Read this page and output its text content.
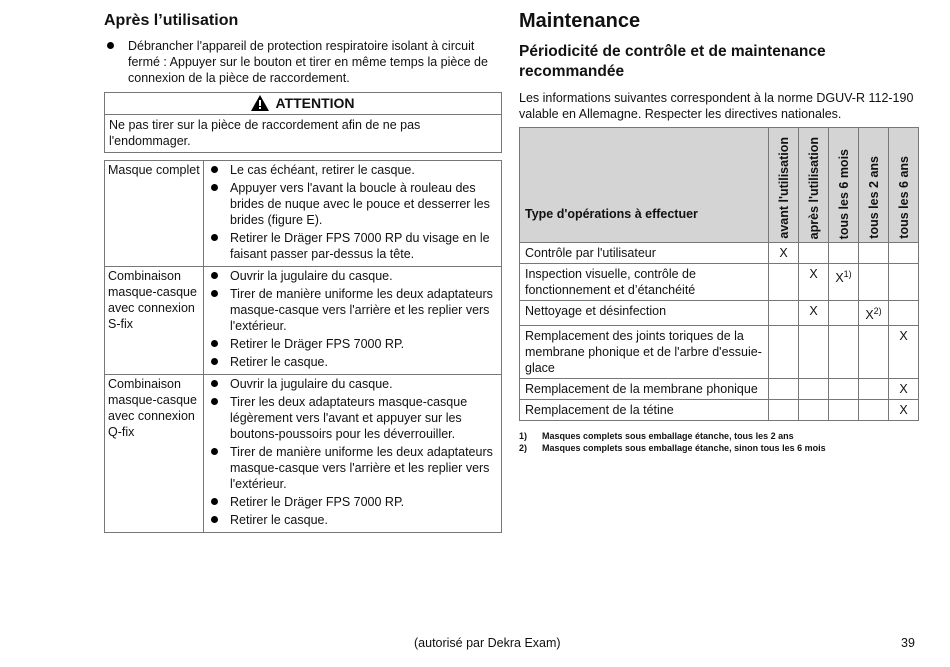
Après l’utilisation
Débrancher l'appareil de protection respiratoire isolant à circuit fermé : Appuyer sur le bouton et tirer en même temps la pièce de connexion de la pièce de raccordement.
ATTENTION
Ne pas tirer sur la pièce de raccordement afin de ne pas l'endommager.
Masque complet	Le cas échéant, retirer le casque.
Appuyer vers l'avant la boucle à rouleau des brides de nuque avec le pouce et desserrer les brides (figure E).
Retirer le Dräger FPS 7000 RP du visage en le faisant passer par-dessus la tête.

Combinaison masque-casque avec connexion S-fix	Ouvrir la jugulaire du casque.
Tirer de manière uniforme les deux adaptateurs masque-casque vers l'arrière et les replier vers l'extérieur.
Retirer le Dräger FPS 7000 RP.
Retirer le casque.

Combinaison masque-casque avec connexion Q-fix	Ouvrir la jugulaire du casque.
Tirer les deux adaptateurs masque-casque légèrement vers l'avant et appuyer sur les boutons-poussoirs pour les déverrouiller.
Tirer de manière uniforme les deux adaptateurs masque-casque vers l'arrière et les replier vers l'extérieur.
Retirer le Dräger FPS 7000 RP.
Retirer le casque.
Maintenance
Périodicité de contrôle et de maintenance recommandée

Les informations suivantes correspondent à la norme DGUV-R 112-190 valable en Allemagne. Respecter les directives nationales.

Type d'opérations à effectuer	avant l'utilisation	après l'utilisation	tous les 6 mois	tous les 2 ans	tous les 6 ans

Contrôle par l'utilisateur	X				
Inspection visuelle, contrôle de fonctionnement et d’étanchéité		X	$X^{1)}$		
Nettoyage et désinfection		X		$X^{2)}$	
Remplacement des joints toriques de la membrane phonique et de l'arbre d'essuie-glace					X
Remplacement de la membrane phonique					X
Remplacement de la tétine					X
1) Masques complets sous emballage étanche, tous les 2 ans
2) Masques complets sous emballage étanche, sinon tous les 6 mois
(autorisé par Dekra Exam)	39
